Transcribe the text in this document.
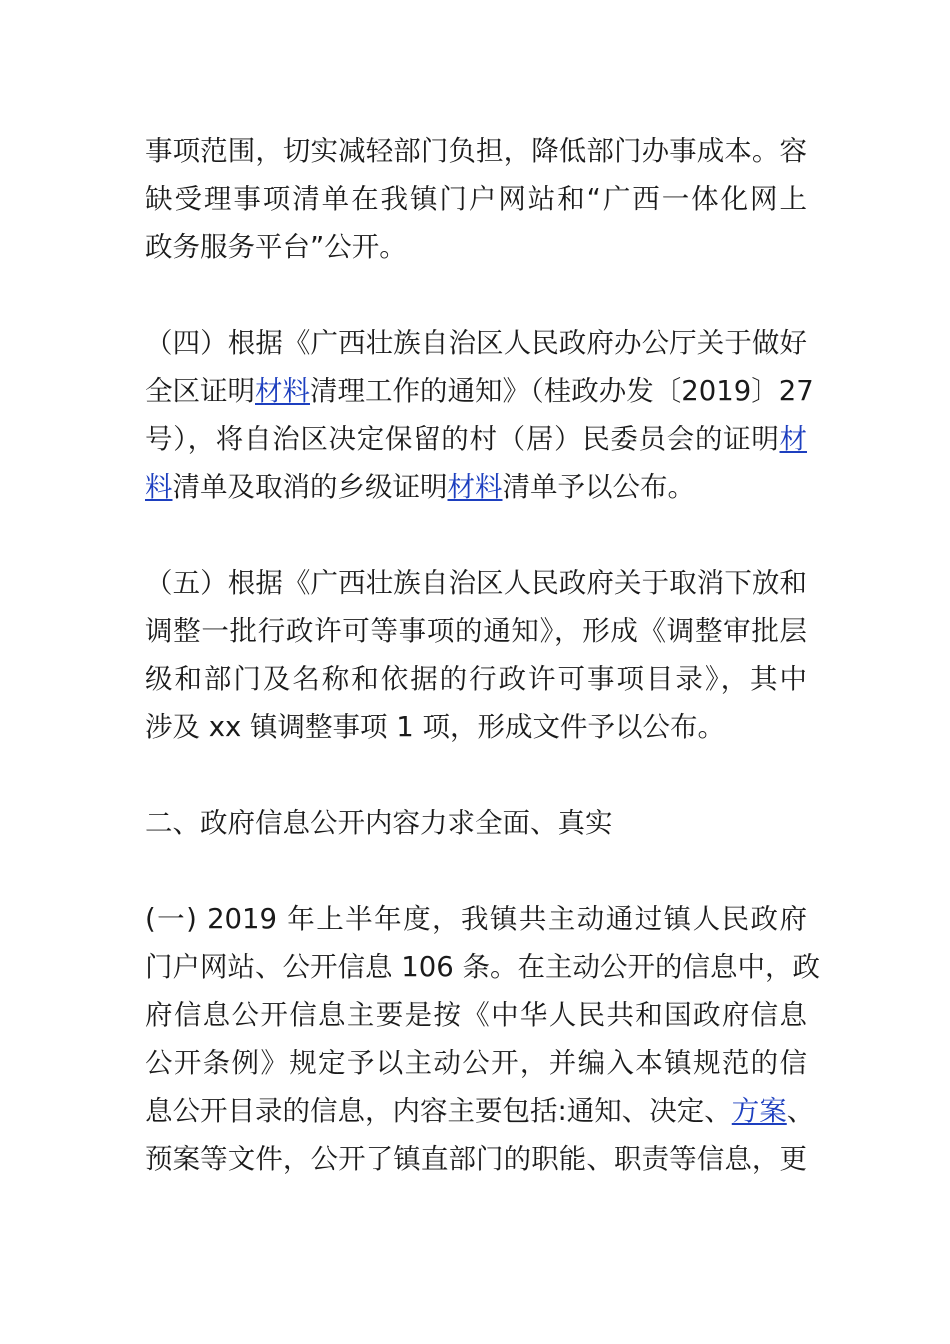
事项范围，切实减轻部门负担，降低部门办事成本。容
缺受理事项清单在我镇门户网站和“广西一体化网上
政务服务平台”公开。

（四）根据《广西壮族自治区人民政府办公厅关于做好
全区证明材料清理工作的通知》（桂政办发〔2019〕27
号），将自治区决定保留的村（居）民委员会的证明材
料清单及取消的乡级证明材料清单予以公布。

（五）根据《广西壮族自治区人民政府关于取消下放和
调整一批行政许可等事项的通知》，形成《调整审批层
级和部门及名称和依据的行政许可事项目录》，其中
涉及 xx 镇调整事项 1 项，形成文件予以公布。

二、政府信息公开内容力求全面、真实

(一) 2019 年上半年度，我镇共主动通过镇人民政府
门户网站、公开信息 106 条。在主动公开的信息中，政
府信息公开信息主要是按《中华人民共和国政府信息
公开条例》规定予以主动公开，并编入本镇规范的信
息公开目录的信息，内容主要包括:通知、决定、方案、
预案等文件，公开了镇直部门的职能、职责等信息，更
